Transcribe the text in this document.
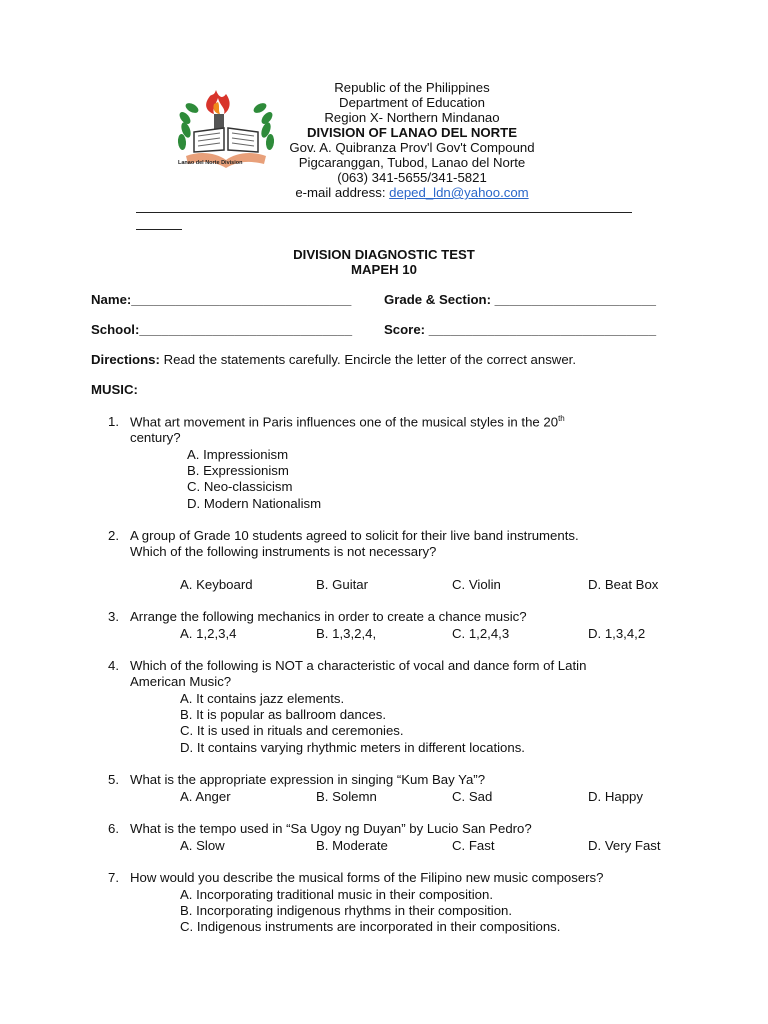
Lanao del Norte Division
Republic of the Philippines
Department of Education
Region X- Northern Mindanao
DIVISION OF LANAO DEL NORTE
Gov. A. Quibranza Prov'l Gov't Compound
Pigcaranggan, Tubod, Lanao del Norte
(063) 341-5655/341-5821
e-mail address: deped_ldn@yahoo.com
DIVISION DIAGNOSTIC TEST
MAPEH 10
Name:______________________________ Grade & Section: ______________________
School:_____________________________ Score: _______________________________
Directions: Read the statements carefully. Encircle the letter of the correct answer.
MUSIC:
1. What art movement in Paris influences one of the musical styles in the 20th
century?
A. Impressionism
B. Expressionism
C. Neo-classicism
D. Modern Nationalism
2. A group of Grade 10 students agreed to solicit for their live band instruments.
Which of the following instruments is not necessary?
A. Keyboard	B. Guitar	C. Violin	D. Beat Box
3. Arrange the following mechanics in order to create a chance music?
A. 1,2,3,4	B. 1,3,2,4,	C. 1,2,4,3	D. 1,3,4,2
4. Which of the following is NOT a characteristic of vocal and dance form of Latin
American Music?
A. It contains jazz elements.
B. It is popular as ballroom dances.
C. It is used in rituals and ceremonies.
D. It contains varying rhythmic meters in different locations.
5. What is the appropriate expression in singing “Kum Bay Ya”?
A. Anger	B. Solemn	C. Sad	D. Happy
6. What is the tempo used in “Sa Ugoy ng Duyan” by Lucio San Pedro?
A. Slow	B. Moderate	C. Fast	D. Very Fast
7. How would you describe the musical forms of the Filipino new music composers?
A. Incorporating traditional music in their composition.
B. Incorporating indigenous rhythms in their composition.
C. Indigenous instruments are incorporated in their compositions.
